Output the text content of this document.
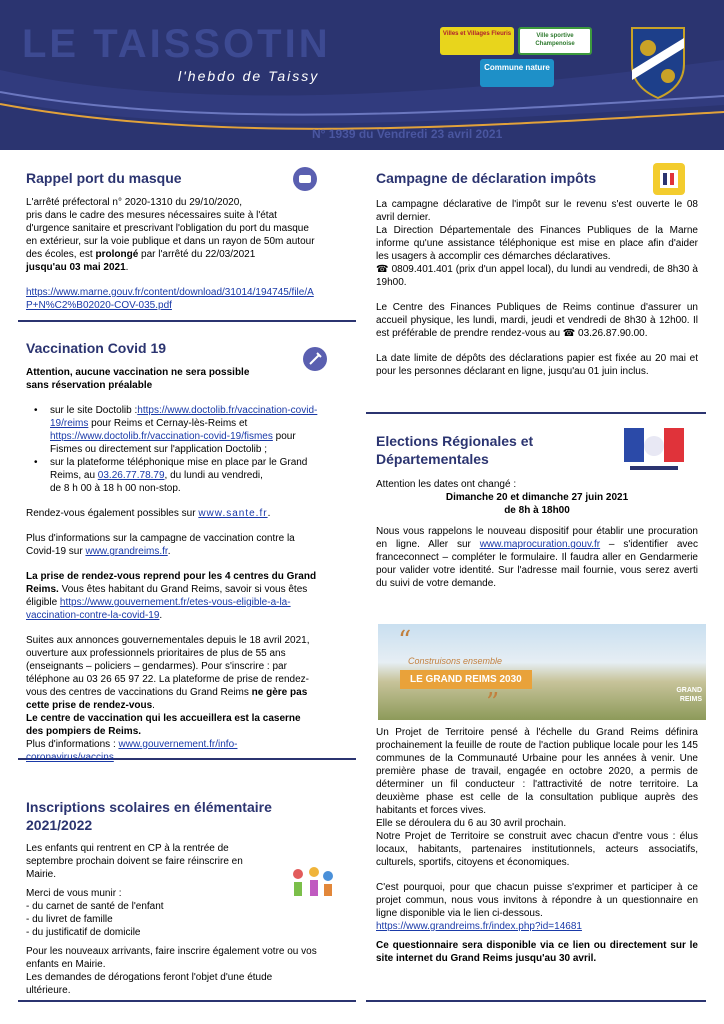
LE TAISSOTIN
l'hebdo de Taissy
N° 1939 du Vendredi 23 avril 2021
Villes et Villages Fleuris	Ville sportive Champenoise
Commune nature
Rappel port du masque

L'arrêté préfectoral n° 2020-1310 du 29/10/2020,

pris dans le cadre des mesures nécessaires suite à l'état

d'urgence sanitaire et prescrivant l'obligation du port du masque

en extérieur, sur la voie publique et dans un rayon de 50m autour

des écoles, est prolongé par l'arrêté du 22/03/2021

jusqu'au 03 mai 2021.

https://www.marne.gouv.fr/content/download/31014/194745/file/A

P+N%C2%B02020-COV-035.pdf

Vaccination Covid 19

Attention, aucune vaccination ne sera possible

sans réservation préalable

• sur le site Doctolib :https://www.doctolib.fr/vaccination-covid-
19/reims pour Reims et Cernay-lès-Reims et
https://www.doctolib.fr/vaccination-covid-19/fismes pour
Fismes ou directement sur l'application Doctolib ;
• sur la plateforme téléphonique mise en place par le Grand
Reims, au 03.26.77.78.79, du lundi au vendredi,
de 8 h 00 à 18 h 00 non-stop.

Rendez-vous également possibles sur www.sante.fr.

Plus d'informations sur la campagne de vaccination contre la

Covid-19 sur www.grandreims.fr.

La prise de rendez-vous reprend pour les 4 centres du Grand

Reims. Vous êtes habitant du Grand Reims, savoir si vous êtes

éligible https://www.gouvernement.fr/etes-vous-eligible-a-la-

vaccination-contre-la-covid-19.

Suites aux annonces gouvernementales depuis le 18 avril 2021,

ouverture aux professionnels prioritaires de plus de 55 ans

(enseignants – policiers – gendarmes). Pour s'inscrire : par

téléphone au 03 26 65 97 22. La plateforme de prise de rendez-

vous des centres de vaccinations du Grand Reims ne gère pas

cette prise de rendez-vous.

Le centre de vaccination qui les accueillera est la caserne

des pompiers de Reims.

Plus d'informations : www.gouvernement.fr/info-

coronavirus/vaccins

Inscriptions scolaires en élémentaire
2021/2022

Les enfants qui rentrent en CP à la rentrée de

septembre prochain doivent se faire réinscrire en

Mairie.

Merci de vous munir :

- du carnet de santé de l'enfant

- du livret de famille

- du justificatif de domicile

Pour les nouveaux arrivants, faire inscrire également votre ou vos

enfants en Mairie.

Les demandes de dérogations feront l'objet d'une étude

ultérieure.

Campagne de déclaration impôts

La campagne déclarative de l'impôt sur le revenu s'est ouverte le 08 avril dernier.

La Direction Départementale des Finances Publiques de la Marne informe qu'une assistance téléphonique est mise en place afin d'aider les usagers à accomplir ces démarches déclaratives.

☎ 0809.401.401 (prix d'un appel local), du lundi au vendredi, de 8h30 à 19h00.

Le Centre des Finances Publiques de Reims continue d'assurer un accueil physique, les lundi, mardi, jeudi et vendredi de 8h30 à 12h00. Il est préférable de prendre rendez-vous au ☎ 03.26.87.90.00.

La date limite de dépôts des déclarations papier est fixée au 20 mai et pour les personnes déclarant en ligne, jusqu'au 01 juin inclus.

Elections Régionales et
Départementales

Attention les dates ont changé :

Dimanche 20 et dimanche 27 juin 2021

de 8h à 18h00

Nous vous rappelons le nouveau dispositif pour établir une procuration en ligne. Aller sur www.maprocuration.gouv.fr – s'identifier avec franceconnect – compléter le formulaire. Il faudra aller en Gendarmerie pour valider votre identité. Sur l'adresse mail fournie, vous serez averti du suivi de votre demande.

“
Construisons ensemble
LE GRAND REIMS 2030
”	GRAND REIMS

Un Projet de Territoire pensé à l'échelle du Grand Reims définira prochainement la feuille de route de l'action publique locale pour les 145 communes de la Communauté Urbaine pour les années à venir. Une première phase de travail, engagée en octobre 2020, a permis de déterminer un fil conducteur : l'attractivité de notre territoire. La deuxième phase est celle de la consultation publique auprès des habitants et forces vives.

Elle se déroulera du 6 au 30 avril prochain.

Notre Projet de Territoire se construit avec chacun d'entre vous : élus locaux, habitants, partenaires institutionnels, acteurs associatifs, culturels, sportifs, citoyens et économiques.

C'est pourquoi, pour que chacun puisse s'exprimer et participer à ce projet commun, nous vous invitons à répondre à un questionnaire en ligne disponible via le lien ci-dessous.

https://www.grandreims.fr/index.php?id=14681

Ce questionnaire sera disponible via ce lien ou directement sur le site internet du Grand Reims jusqu'au 30 avril.
